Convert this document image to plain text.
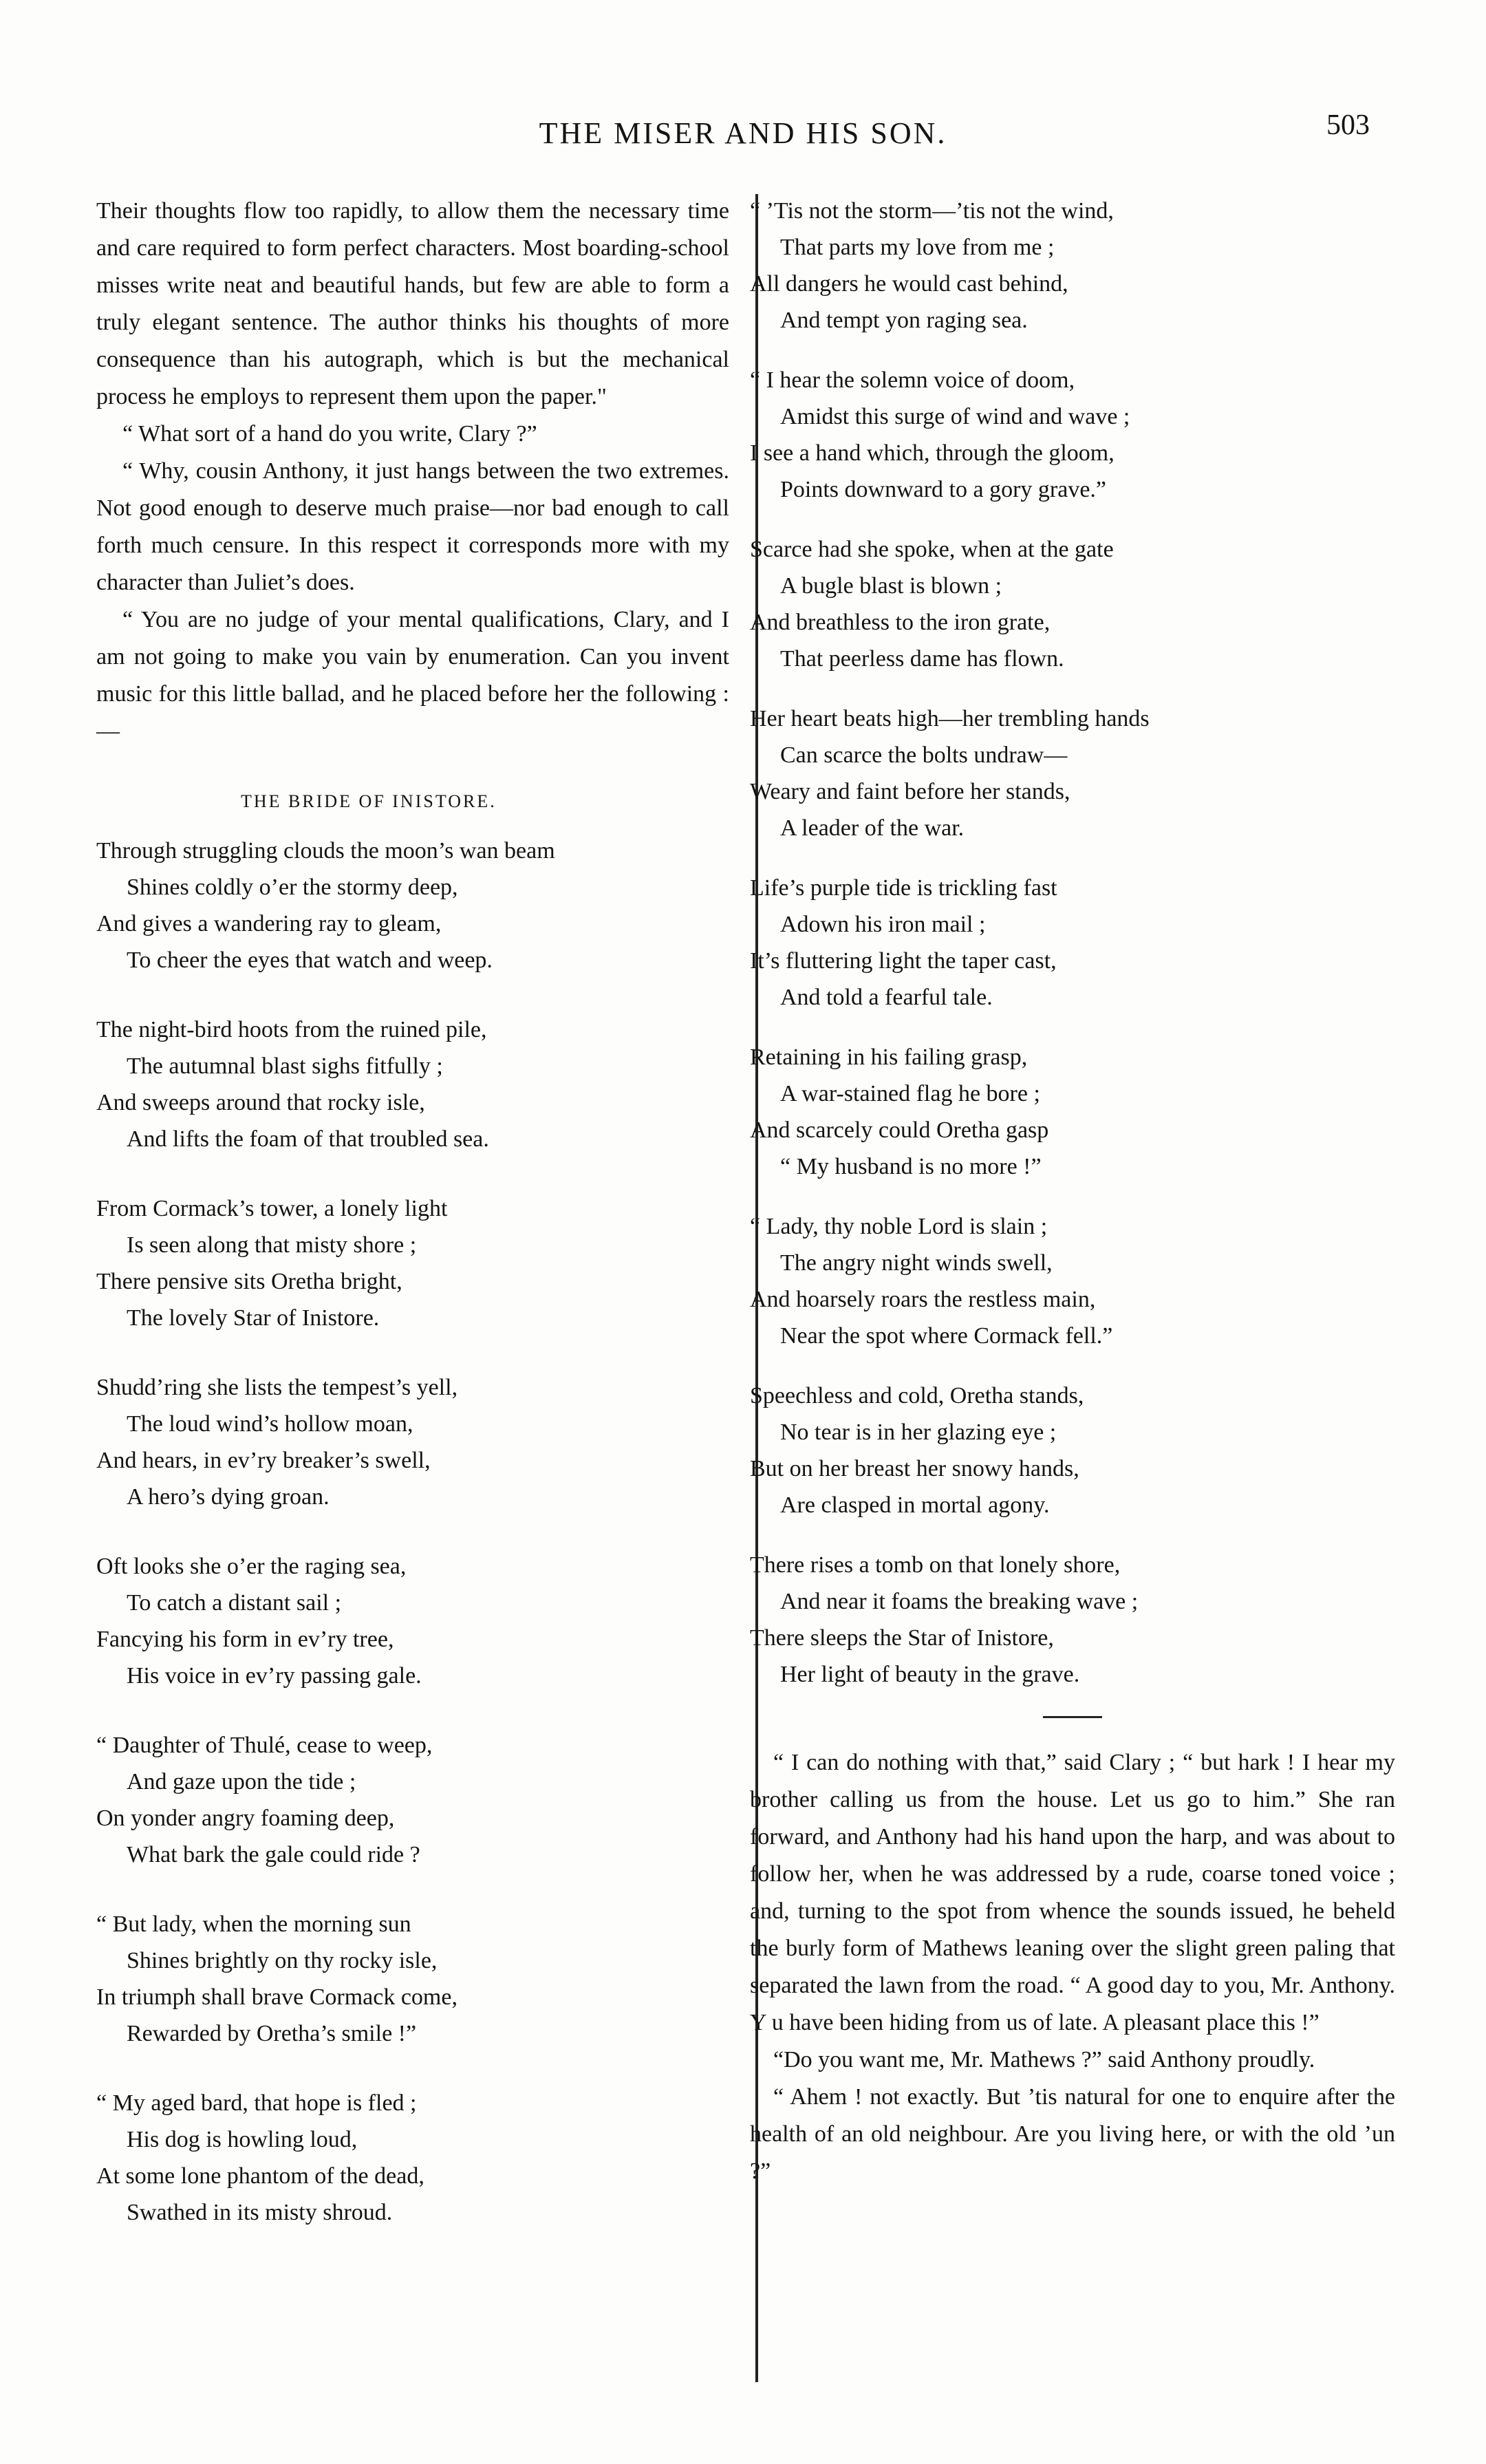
THE MISER AND HIS SON.	503

Their thoughts flow too rapidly, to allow them the necessary time and care required to form perfect characters. Most boarding-school misses write neat and beautiful hands, but few are able to form a truly elegant sentence. The author thinks his thoughts of more consequence than his autograph, which is but the mechanical process he employs to represent them upon the paper."

“ What sort of a hand do you write, Clary ?”

“ Why, cousin Anthony, it just hangs between the two extremes. Not good enough to deserve much praise—nor bad enough to call forth much censure. In this respect it corresponds more with my character than Juliet’s does.

“ You are no judge of your mental qualifications, Clary, and I am not going to make you vain by enumeration. Can you invent music for this little ballad, and he placed before her the following :—

THE BRIDE OF INISTORE.
Through struggling clouds the moon’s wan beam
Shines coldly o’er the stormy deep,
And gives a wandering ray to gleam,
To cheer the eyes that watch and weep.
The night-bird hoots from the ruined pile,
The autumnal blast sighs fitfully ;
And sweeps around that rocky isle,
And lifts the foam of that troubled sea.
From Cormack’s tower, a lonely light
Is seen along that misty shore ;
There pensive sits Oretha bright,
The lovely Star of Inistore.
Shudd’ring she lists the tempest’s yell,
The loud wind’s hollow moan,
And hears, in ev’ry breaker’s swell,
A hero’s dying groan.
Oft looks she o’er the raging sea,
To catch a distant sail ;
Fancying his form in ev’ry tree,
His voice in ev’ry passing gale.
“ Daughter of Thulé, cease to weep,
And gaze upon the tide ;
On yonder angry foaming deep,
What bark the gale could ride ?
“ But lady, when the morning sun
Shines brightly on thy rocky isle,
In triumph shall brave Cormack come,
Rewarded by Oretha’s smile !”
“ My aged bard, that hope is fled ;
His dog is howling loud,
At some lone phantom of the dead,
Swathed in its misty shroud.
“ ’Tis not the storm—’tis not the wind,
That parts my love from me ;
All dangers he would cast behind,
And tempt yon raging sea.
“ I hear the solemn voice of doom,
Amidst this surge of wind and wave ;
I see a hand which, through the gloom,
Points downward to a gory grave.”
Scarce had she spoke, when at the gate
A bugle blast is blown ;
And breathless to the iron grate,
That peerless dame has flown.
Her heart beats high—her trembling hands
Can scarce the bolts undraw—
Weary and faint before her stands,
A leader of the war.
Life’s purple tide is trickling fast
Adown his iron mail ;
It’s fluttering light the taper cast,
And told a fearful tale.
Retaining in his failing grasp,
A war-stained flag he bore ;
And scarcely could Oretha gasp
“ My husband is no more !”
“ Lady, thy noble Lord is slain ;
The angry night winds swell,
And hoarsely roars the restless main,
Near the spot where Cormack fell.”
Speechless and cold, Oretha stands,
No tear is in her glazing eye ;
But on her breast her snowy hands,
Are clasped in mortal agony.
There rises a tomb on that lonely shore,
And near it foams the breaking wave ;
There sleeps the Star of Inistore,
Her light of beauty in the grave.

“ I can do nothing with that,” said Clary ; “ but hark ! I hear my brother calling us from the house. Let us go to him.” She ran forward, and Anthony had his hand upon the harp, and was about to follow her, when he was addressed by a rude, coarse toned voice ; and, turning to the spot from whence the sounds issued, he beheld the burly form of Mathews leaning over the slight green paling that separated the lawn from the road. “ A good day to you, Mr. Anthony. Y u have been hiding from us of late. A pleasant place this !”

“Do you want me, Mr. Mathews ?” said Anthony proudly.

“ Ahem ! not exactly. But ’tis natural for one to enquire after the health of an old neighbour. Are you living here, or with the old ’un ?”
